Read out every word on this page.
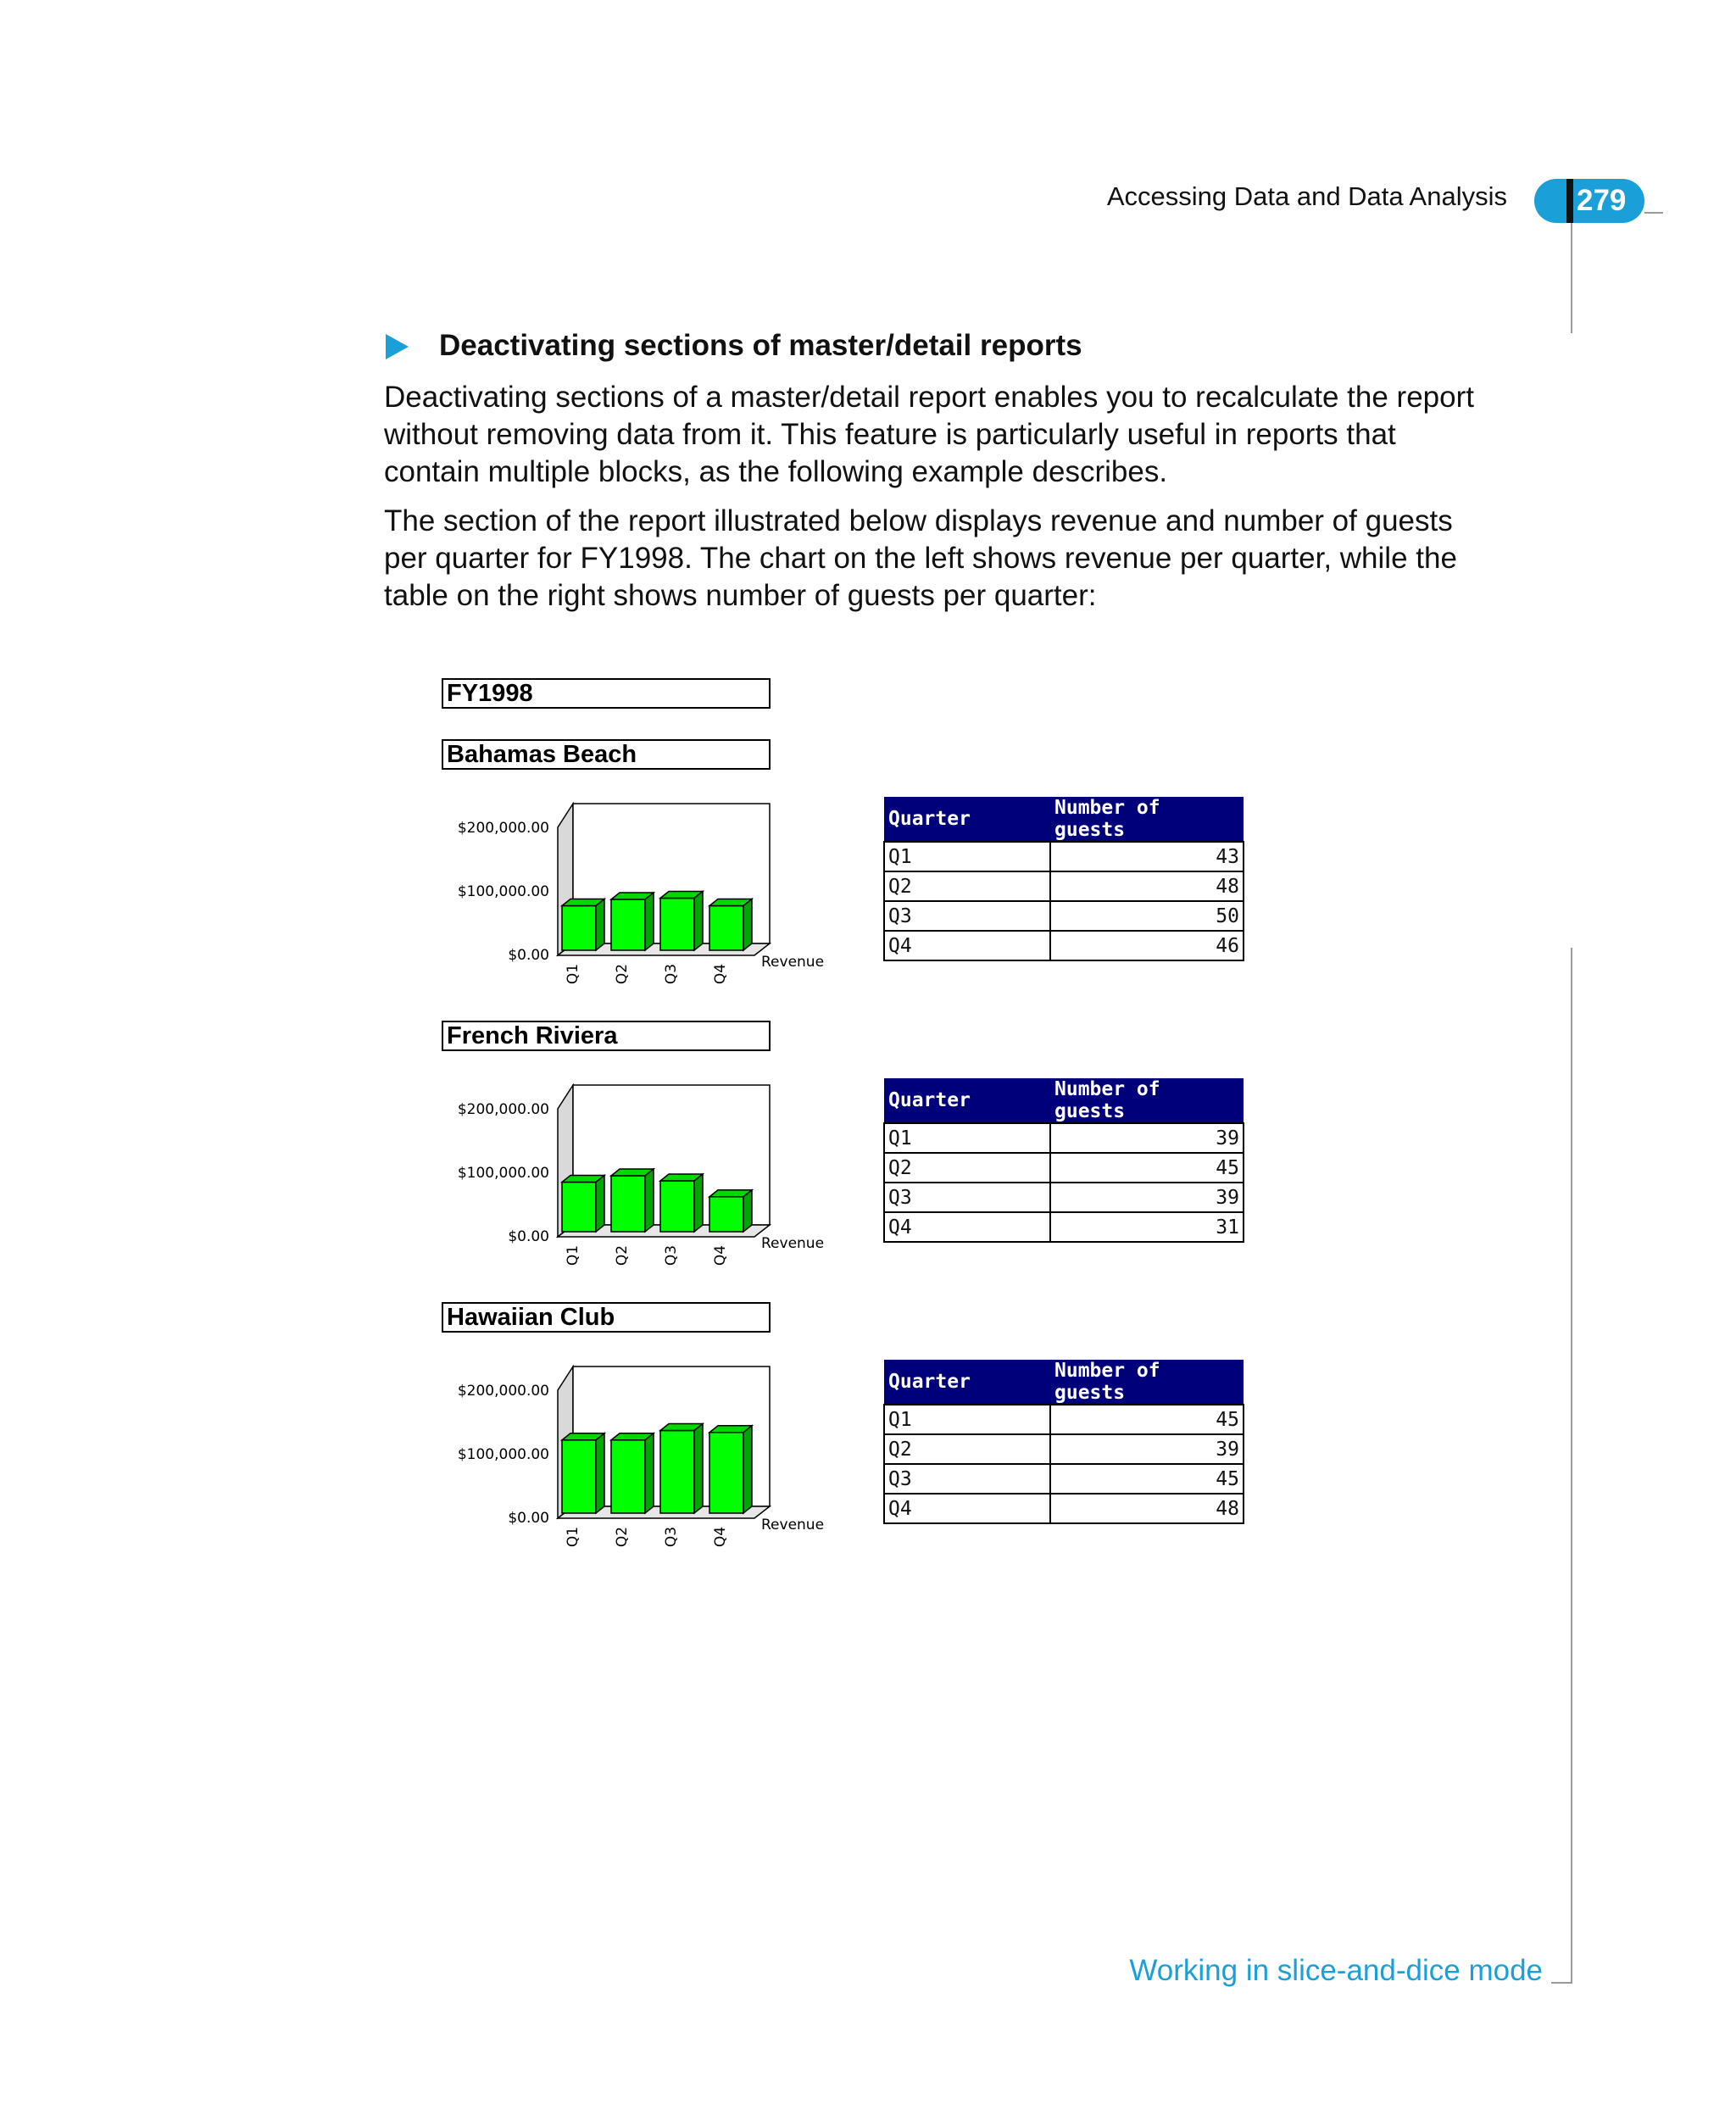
Accessing Data and Data Analysis	279
Deactivating sections of master/detail reports

Deactivating sections of a master/detail report enables you to recalculate the report without removing data from it. This feature is particularly useful in reports that contain multiple blocks, as the following example describes.

The section of the report illustrated below displays revenue and number of guests per quarter for FY1998. The chart on the left shows revenue per quarter, while the table on the right shows number of guests per quarter:

FY1998
Bahamas Beach
$0.00
$100,000.00
$200,000.00
Q1 Q2 Q3 Q4
Revenue
Quarter	Number of guests
Q1	43
Q2	48
Q3	50
Q4	46
French Riviera
$0.00
$100,000.00
$200,000.00
Q1 Q2 Q3 Q4
Revenue
Quarter	Number of guests
Q1	39
Q2	45
Q3	39
Q4	31
Hawaiian Club
$0.00
$100,000.00
$200,000.00
Q1 Q2 Q3 Q4
Revenue
Quarter	Number of guests
Q1	45
Q2	39
Q3	45
Q4	48
Working in slice-and-dice mode
